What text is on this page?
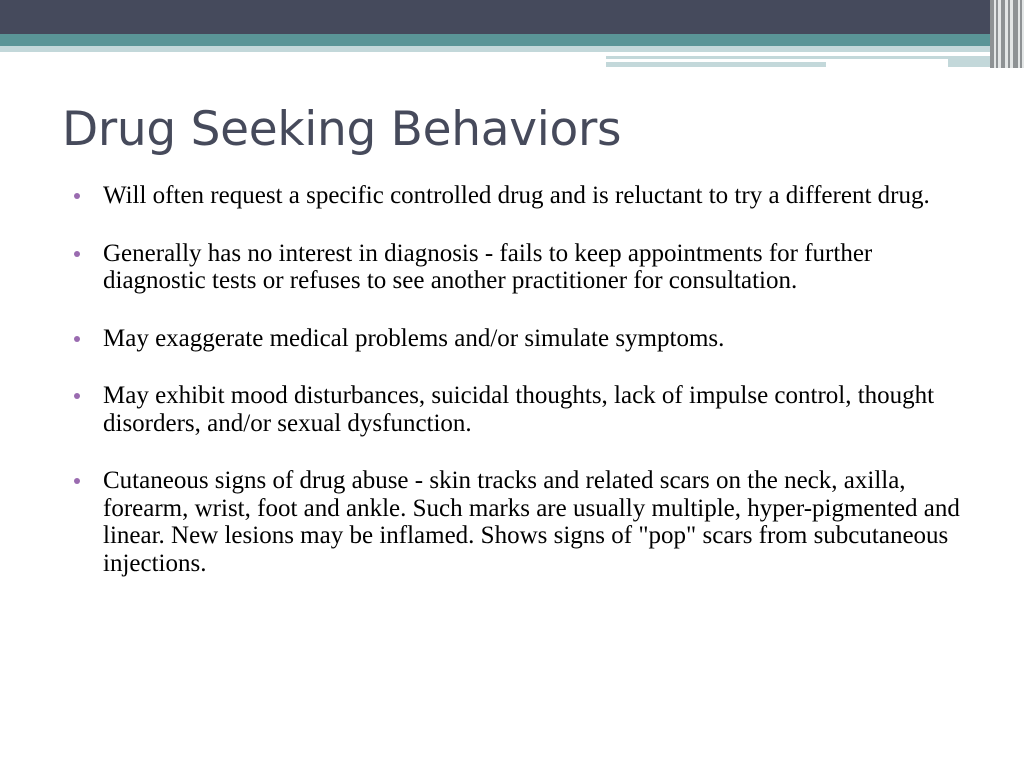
Drug Seeking Behaviors
Will often request a specific controlled drug and is reluctant to try a different drug.
Generally has no interest in diagnosis - fails to keep appointments for further diagnostic tests or refuses to see another practitioner for consultation.
May exaggerate medical problems and/or simulate symptoms.
May exhibit mood disturbances, suicidal thoughts, lack of impulse control, thought disorders, and/or sexual dysfunction.
Cutaneous signs of drug abuse - skin tracks and related scars on the neck, axilla, forearm, wrist, foot and ankle. Such marks are usually multiple, hyper-pigmented and linear. New lesions may be inflamed. Shows signs of "pop" scars from subcutaneous injections.
